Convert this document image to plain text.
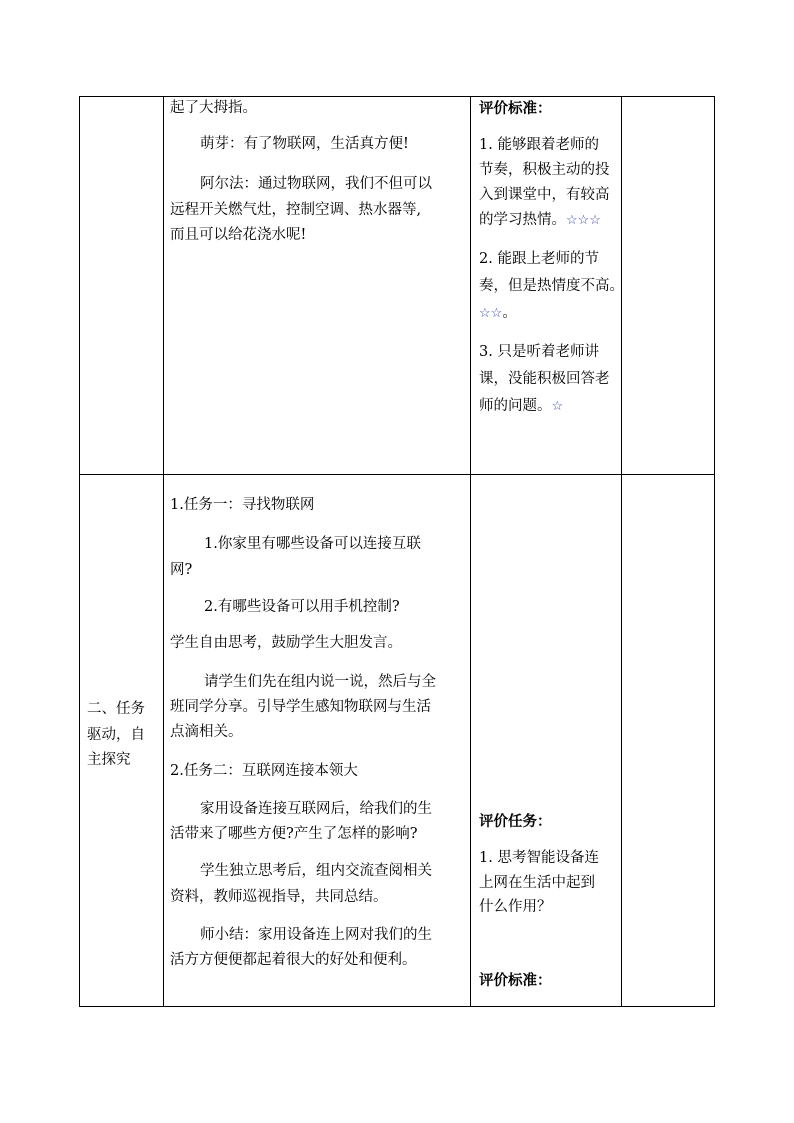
起了大拇指。
萌芽：有了物联网，生活真方便!
阿尔法：通过物联网，我们不但可以
远程开关燃气灶，控制空调、热水器等,
而且可以给花浇水呢!
评价标准：
1. 能够跟着老师的
节奏，积极主动的投
入到课堂中，有较高
的学习热情。☆☆☆
2. 能跟上老师的节
奏，但是热情度不高。
☆☆。
3. 只是听着老师讲
课，没能积极回答老
师的问题。☆
二、任务
驱动，自
主探究
1.任务一：寻找物联网
1.你家里有哪些设备可以连接互联
网?
2.有哪些设备可以用手机控制?
学生自由思考，鼓励学生大胆发言。
请学生们先在组内说一说，然后与全
班同学分享。引导学生感知物联网与生活
点滴相关。
2.任务二：互联网连接本领大
家用设备连接互联网后，给我们的生
活带来了哪些方便?产生了怎样的影响?
学生独立思考后，组内交流查阅相关
资料，教师巡视指导，共同总结。
师小结：家用设备连上网对我们的生
活方方便便都起着很大的好处和便利。
评价任务：
1. 思考智能设备连
上网在生活中起到
什么作用？
评价标准：
